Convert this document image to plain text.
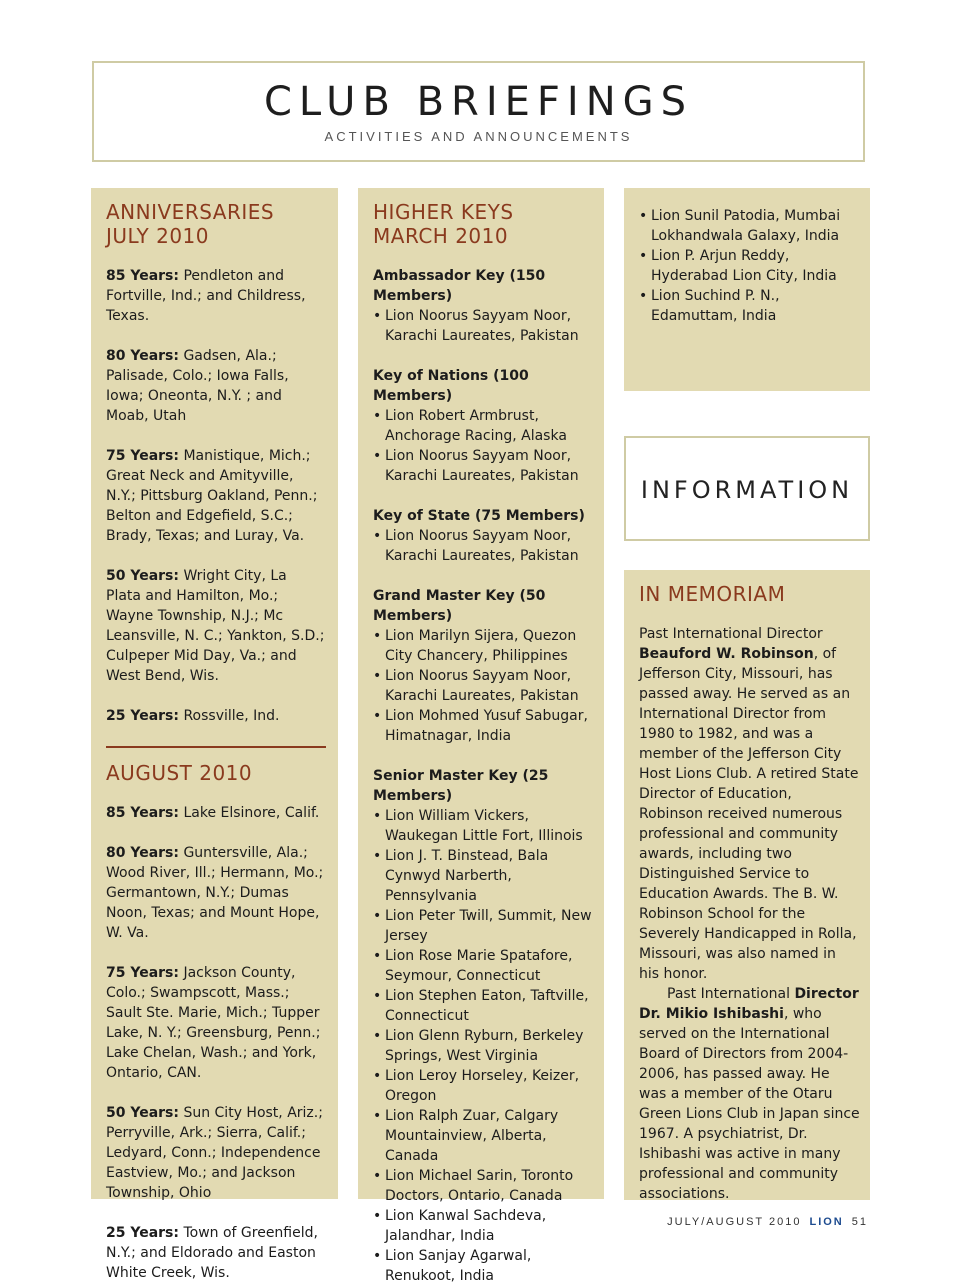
CLUB BRIEFINGS
ACTIVITIES AND ANNOUNCEMENTS
ANNIVERSARIES
JULY 2010
85 Years: Pendleton and Fortville, Ind.; and Childress, Texas.
80 Years: Gadsen, Ala.; Palisade, Colo.; Iowa Falls, Iowa; Oneonta, N.Y. ; and Moab, Utah
75 Years: Manistique, Mich.; Great Neck and Amityville, N.Y.; Pittsburg Oakland, Penn.; Belton and Edgefield, S.C.; Brady, Texas; and Luray, Va.
50 Years: Wright City, La Plata and Hamilton, Mo.; Wayne Township, N.J.; Mc Leansville, N. C.; Yankton, S.D.; Culpeper Mid Day, Va.; and West Bend, Wis.
25 Years: Rossville, Ind.
AUGUST 2010
85 Years: Lake Elsinore, Calif.
80 Years: Guntersville, Ala.; Wood River, Ill.; Hermann, Mo.; Germantown, N.Y.; Dumas Noon, Texas; and Mount Hope, W. Va.
75 Years: Jackson County, Colo.; Swampscott, Mass.; Sault Ste. Marie, Mich.; Tupper Lake, N. Y.; Greensburg, Penn.; Lake Chelan, Wash.; and York, Ontario, CAN.
50 Years: Sun City Host, Ariz.; Perryville, Ark.; Sierra, Calif.; Ledyard, Conn.; Independence Eastview, Mo.; and Jackson Township, Ohio
25 Years: Town of Greenfield, N.Y.; and Eldorado and Easton White Creek, Wis.
HIGHER KEYS
MARCH 2010
Ambassador Key (150 Members)
• Lion Noorus Sayyam Noor, Karachi Laureates, Pakistan
Key of Nations (100 Members)
• Lion Robert Armbrust, Anchorage Racing, Alaska
• Lion Noorus Sayyam Noor, Karachi Laureates, Pakistan
Key of State (75 Members)
• Lion Noorus Sayyam Noor, Karachi Laureates, Pakistan
Grand Master Key (50 Members)
• Lion Marilyn Sijera, Quezon City Chancery, Philippines
• Lion Noorus Sayyam Noor, Karachi Laureates, Pakistan
• Lion Mohmed Yusuf Sabugar, Himatnagar, India
Senior Master Key (25 Members)
• Lion William Vickers, Waukegan Little Fort, Illinois
• Lion J. T. Binstead, Bala Cynwyd Narberth, Pennsylvania
• Lion Peter Twill, Summit, New Jersey
• Lion Rose Marie Spatafore, Seymour, Connecticut
• Lion Stephen Eaton, Taftville, Connecticut
• Lion Glenn Ryburn, Berkeley Springs, West Virginia
• Lion Leroy Horseley, Keizer, Oregon
• Lion Ralph Zuar, Calgary Mountainview, Alberta, Canada
• Lion Michael Sarin, Toronto Doctors, Ontario, Canada
• Lion Kanwal Sachdeva, Jalandhar, India
• Lion Sanjay Agarwal, Renukoot, India
• Lion Sunil Patodia, Mumbai Lokhandwala Galaxy, India
• Lion P. Arjun Reddy, Hyderabad Lion City, India
• Lion Suchind P. N., Edamuttam, India
INFORMATION
IN MEMORIAM
Past International Director Beauford W. Robinson, of Jefferson City, Missouri, has passed away. He served as an International Director from 1980 to 1982, and was a member of the Jefferson City Host Lions Club. A retired State Director of Education, Robinson received numerous professional and community awards, including two Distinguished Service to Education Awards. The B. W. Robinson School for the Severely Handicapped in Rolla, Missouri, was also named in his honor.
Past International Director Dr. Mikio Ishibashi, who served on the International Board of Directors from 2004-2006, has passed away. He was a member of the Otaru Green Lions Club in Japan since 1967. A psychiatrist, Dr. Ishibashi was active in many professional and community associations.
JULY/AUGUST 2010 LION 51
